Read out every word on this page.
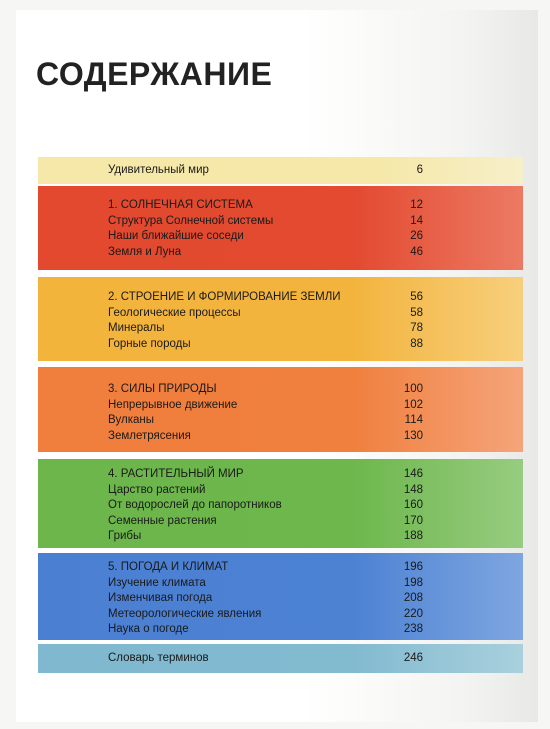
СОДЕРЖАНИЕ
Удивительный мир	6
1. СОЛНЕЧНАЯ СИСТЕМА	12
Структура Солнечной системы	14
Наши ближайшие соседи	26
Земля и Луна	46
2. СТРОЕНИЕ И ФОРМИРОВАНИЕ ЗЕМЛИ	56
Геологические процессы	58
Минералы	78
Горные породы	88
3. СИЛЫ ПРИРОДЫ	100
Непрерывное движение	102
Вулканы	114
Землетрясения	130
4. РАСТИТЕЛЬНЫЙ МИР	146
Царство растений	148
От водорослей до папоротников	160
Семенные растения	170
Грибы	188
5. ПОГОДА И КЛИМАТ	196
Изучение климата	198
Изменчивая погода	208
Метеорологические явления	220
Наука о погоде	238
Словарь терминов	246
